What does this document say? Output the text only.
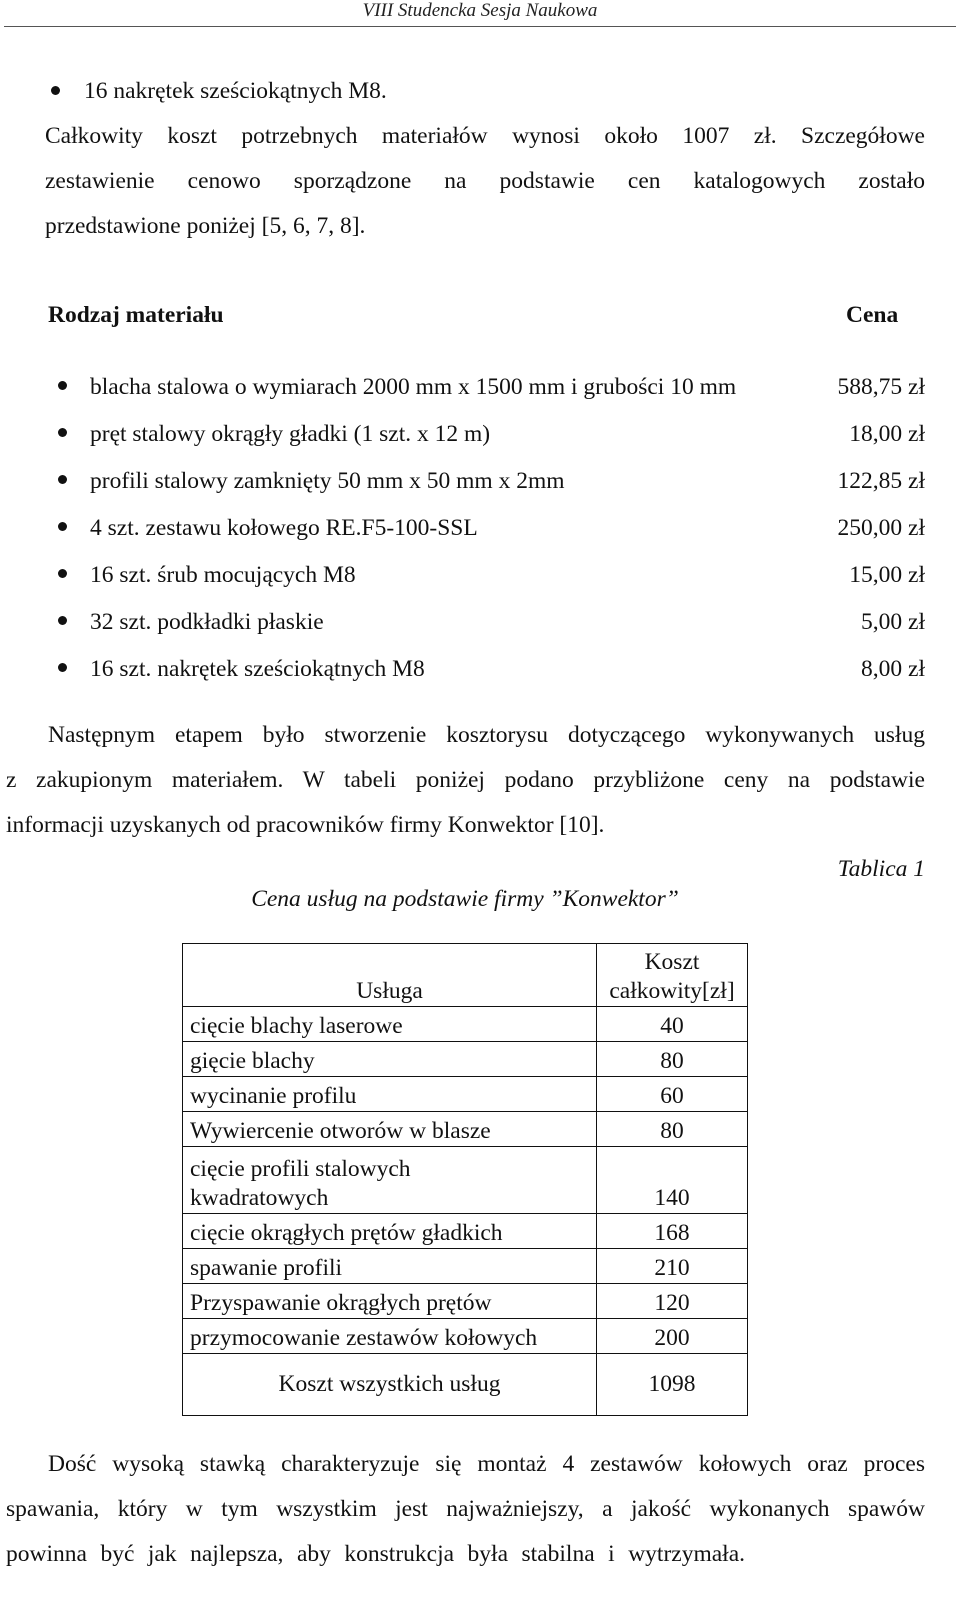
VIII Studencka Sesja Naukowa
16 nakrętek sześciokątnych M8.
Całkowity koszt potrzebnych materiałów wynosi około 1007 zł. Szczegółowe
zestawienie cenowo sporządzone na podstawie cen katalogowych zostało
przedstawione poniżej [5, 6, 7, 8].
Rodzaj materiału	Cena
blacha stalowa o wymiarach 2000 mm x 1500 mm i grubości 10 mm	588,75 zł
pręt stalowy okrągły gładki (1 szt. x 12 m)	18,00 zł
profili stalowy zamknięty 50 mm x 50 mm x 2mm	122,85 zł
4 szt. zestawu kołowego RE.F5-100-SSL	250,00 zł
16 szt. śrub mocujących M8	15,00 zł
32 szt. podkładki płaskie	5,00 zł
16 szt. nakrętek sześciokątnych M8	8,00 zł
Następnym etapem było stworzenie kosztorysu dotyczącego wykonywanych usług
z zakupionym materiałem. W tabeli poniżej podano przybliżone ceny na podstawie
informacji uzyskanych od pracowników firmy Konwektor [10].
Tablica 1
Cena usług na podstawie firmy ”Konwektor”
Usługa	Koszt
całkowity[zł]

cięcie blachy laserowe	40
gięcie blachy	80
wycinanie profilu	60
Wywiercenie otworów w blasze	80

cięcie profili stalowych
kwadratowych	140
cięcie okrągłych prętów gładkich	168
spawanie profili	210
Przyspawanie okrągłych prętów	120
przymocowanie zestawów kołowych	200
Koszt wszystkich usług	1098
Dość wysoką stawką charakteryzuje się montaż 4 zestawów kołowych oraz proces
spawania, który w tym wszystkim jest najważniejszy, a jakość wykonanych spawów
powinna być jak najlepsza, aby konstrukcja była stabilna i wytrzymała.
